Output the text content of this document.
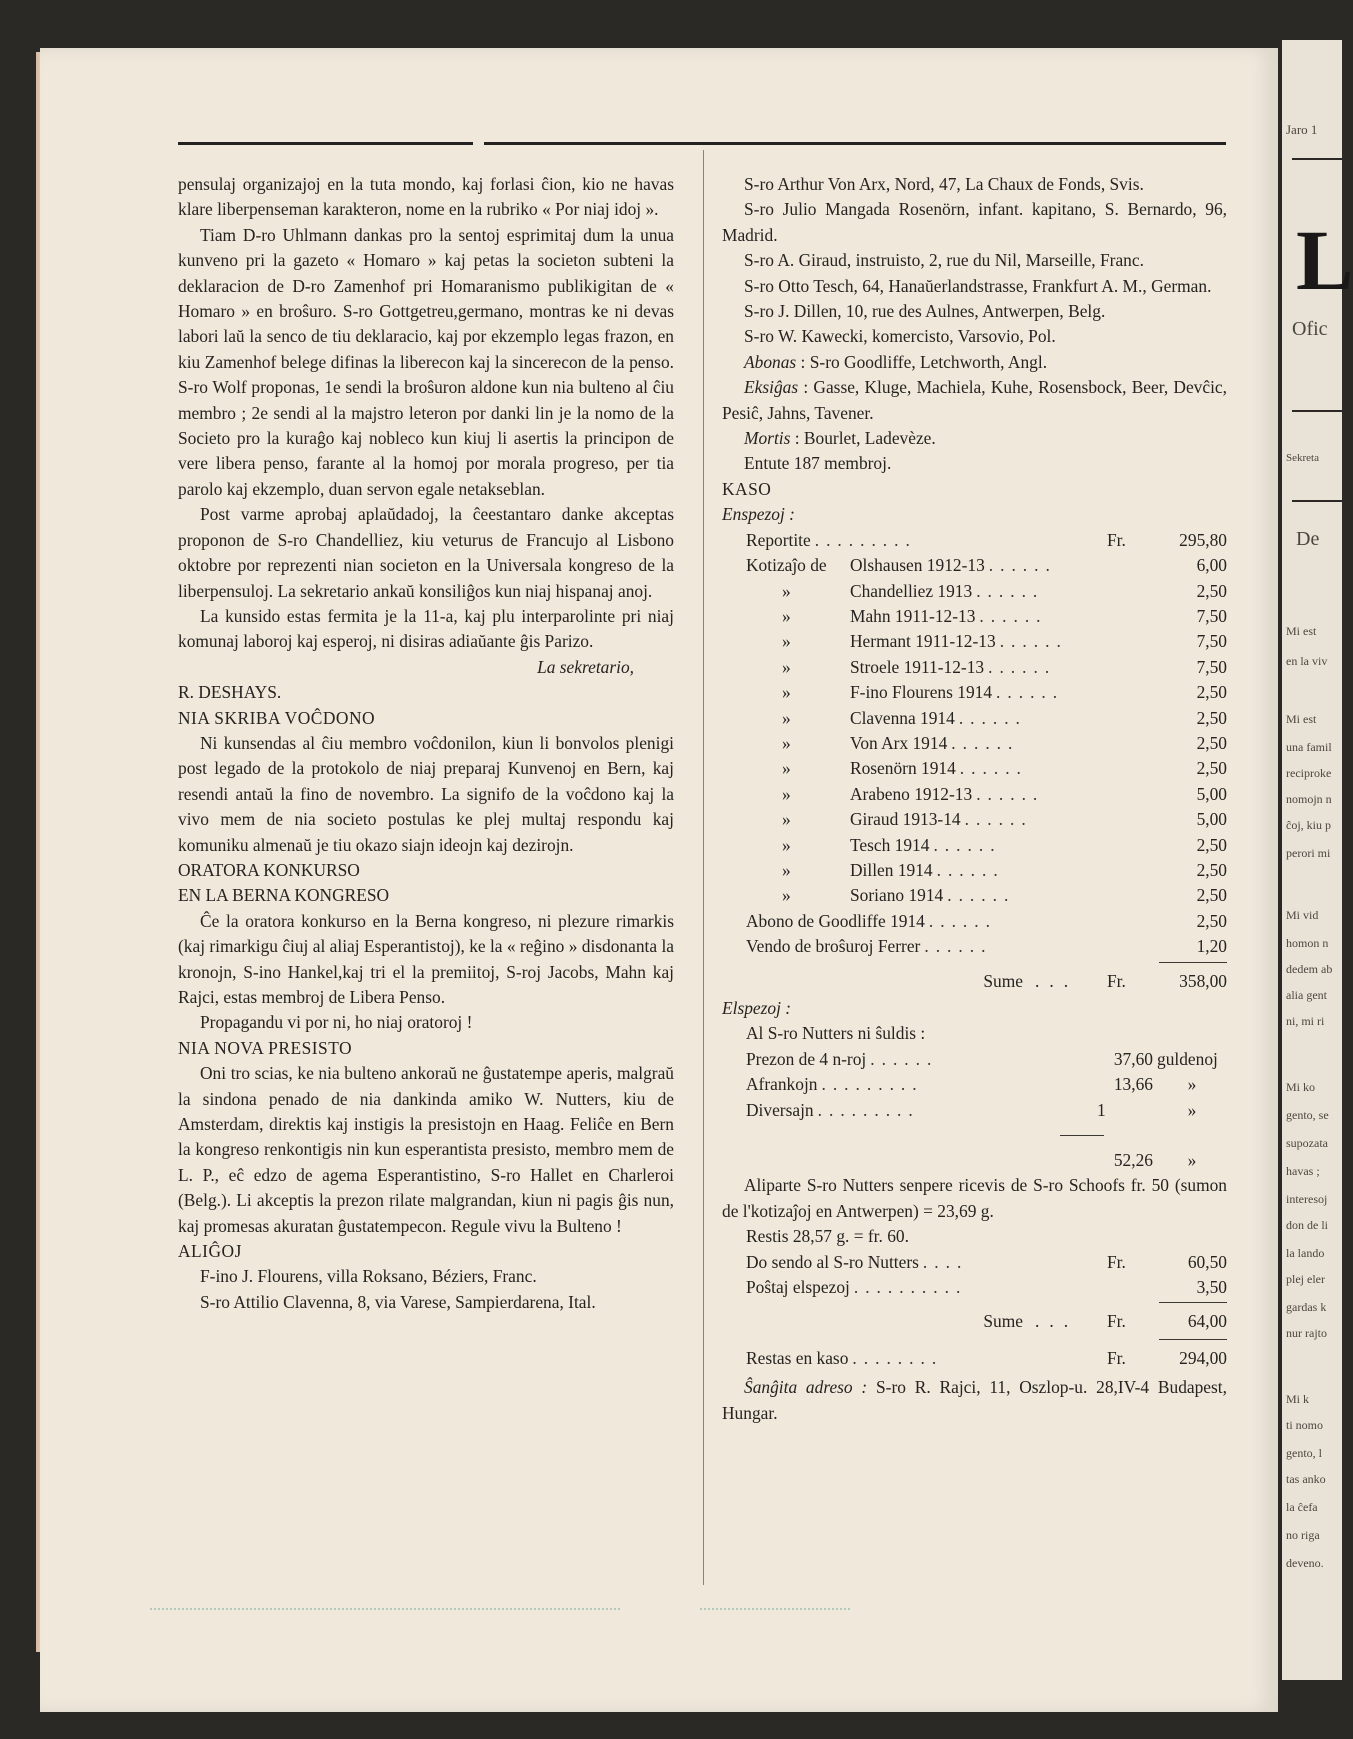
pensulaj organizajoj en la tuta mondo, kaj forlasi ĉion, kio ne havas klare liberpenseman karakteron, nome en la rubriko « Por niaj idoj ».

Tiam D-ro Uhlmann dankas pro la sentoj esprimitaj dum la unua kunveno pri la gazeto « Homaro » kaj petas la societon subteni la deklaracion de D-ro Zamenhof pri Homaranismo publikigitan de « Homaro » en broŝuro. S-ro Gottgetreu,germano, montras ke ni devas labori laŭ la senco de tiu deklaracio, kaj por ekzemplo legas frazon, en kiu Zamenhof belege difinas la liberecon kaj la sincerecon de la penso. S-ro Wolf proponas, 1e sendi la broŝuron aldone kun nia bulteno al ĉiu membro ; 2e sendi al la majstro leteron por danki lin je la nomo de la Societo pro la kuraĝo kaj nobleco kun kiuj li asertis la principon de vere libera penso, farante al la homoj por morala progreso, per tia parolo kaj ekzemplo, duan servon egale netakseblan.

Post varme aprobaj aplaŭdadoj, la ĉeestantaro danke akceptas proponon de S-ro Chandelliez, kiu veturus de Francujo al Lisbono oktobre por reprezenti nian societon en la Universala kongreso de la liberpensuloj. La sekretario ankaŭ konsiliĝos kun niaj hispanaj anoj.

La kunsido estas fermita je la 11-a, kaj plu interparolinte pri niaj komunaj laboroj kaj esperoj, ni disiras adiaŭante ĝis Parizo.

La sekretario,

R. DESHAYS.

NIA SKRIBA VOĈDONO

Ni kunsendas al ĉiu membro voĉdonilon, kiun li bonvolos plenigi post legado de la protokolo de niaj preparaj Kunvenoj en Bern, kaj resendi antaŭ la fino de novembro. La signifo de la voĉdono kaj la vivo mem de nia societo postulas ke plej multaj respondu kaj komuniku almenaŭ je tiu okazo siajn ideojn kaj dezirojn.

ORATORA KONKURSO

EN LA BERNA KONGRESO

Ĉe la oratora konkurso en la Berna kongreso, ni plezure rimarkis (kaj rimarkigu ĉiuj al aliaj Esperantistoj), ke la « reĝino » disdonanta la kronojn, S-ino Hankel,kaj tri el la premiitoj, S-roj Jacobs, Mahn kaj Rajci, estas membroj de Libera Penso.

Propagandu vi por ni, ho niaj oratoroj !

NIA NOVA PRESISTO

Oni tro scias, ke nia bulteno ankoraŭ ne ĝustatempe aperis, malgraŭ la sindona penado de nia dankinda amiko W. Nutters, kiu de Amsterdam, direktis kaj instigis la presistojn en Haag. Feliĉe en Bern la kongreso renkontigis nin kun esperantista presisto, membro mem de L. P., eĉ edzo de agema Esperantistino, S-ro Hallet en Charleroi (Belg.). Li akceptis la prezon rilate malgrandan, kiun ni pagis ĝis nun, kaj promesas akuratan ĝustatempecon. Regule vivu la Bulteno !

ALIĜOJ

F-ino J. Flourens, villa Roksano, Béziers, Franc.

S-ro Attilio Clavenna, 8, via Varese, Sampierdarena, Ital.

S-ro Arthur Von Arx, Nord, 47, La Chaux de Fonds, Svis.

S-ro Julio Mangada Rosenörn, infant. kapitano, S. Bernardo, 96, Madrid.

S-ro A. Giraud, instruisto, 2, rue du Nil, Marseille, Franc.

S-ro Otto Tesch, 64, Hanaŭerlandstrasse, Frankfurt A. M., German.

S-ro J. Dillen, 10, rue des Aulnes, Antwerpen, Belg.

S-ro W. Kawecki, komercisto, Varsovio, Pol.

Abonas : S-ro Goodliffe, Letchworth, Angl.

Eksiĝas : Gasse, Kluge, Machiela, Kuhe, Rosensbock, Beer, Devĉic, Pesiĉ, Jahns, Tavener.

Mortis : Bourlet, Ladevèze.

Entute 187 membroj.

KASO

Enspezoj :

Reportite .........	Fr.	295,80
Kotizaĵo de	Olshausen 1912-13 ......	6,00
»	Chandelliez 1913 ......	2,50
»	Mahn 1911-12-13 ......	7,50
»	Hermant 1911-12-13 ......	7,50
»	Stroele 1911-12-13 ......	7,50
»	F-ino Flourens 1914 ......	2,50
»	Clavenna 1914 ......	2,50
»	Von Arx 1914 ......	2,50
»	Rosenörn 1914 ......	2,50
»	Arabeno 1912-13 ......	5,00
»	Giraud 1913-14 ......	5,00
»	Tesch 1914 ......	2,50
»	Dillen 1914 ......	2,50
»	Soriano 1914 ......	2,50
Abono de Goodliffe 1914 ......	2,50
Vendo de broŝuroj Ferrer ......	1,20
Sume ...	Fr.	358,00

Elspezoj :

Al S-ro Nutters ni ŝuldis :

Prezon de 4 n-roj ......	37,60 guldenoj
Afrankojn .........	13,66	»
Diversajn .........	1	»
52,26	»

Aliparte S-ro Nutters senpere ricevis de S-ro Schoofs fr. 50 (sumon de l'kotizaĵoj en Antwerpen) = 23,69 g.

Restis 28,57 g. = fr. 60.

Do sendo al S-ro Nutters ....	Fr.	60,50
Poŝtaj elspezoj ..........	3,50
Sume ...	Fr.	64,00
Restas en kaso ........	Fr.	294,00

Ŝanĝita adreso : S-ro R. Rajci, 11, Oszlop-u. 28,IV-4 Budapest, Hungar.

Jaro 1
L
Ofic
Sekreta
De
Mi est
en la viv
Mi est
una famil
reciproke
nomojn n
ĉoj, kiu p
perori mi
Mi vid
homon n
dedem ab
alia gent
ni, mi ri
Mi ko
gento, se
supozata
havas ;
interesoj
don de li
la lando
plej eler
gardas k
nur rajto
Mi k
ti nomo
gento, l
tas anko
la ĉefa
no riga
deveno.
